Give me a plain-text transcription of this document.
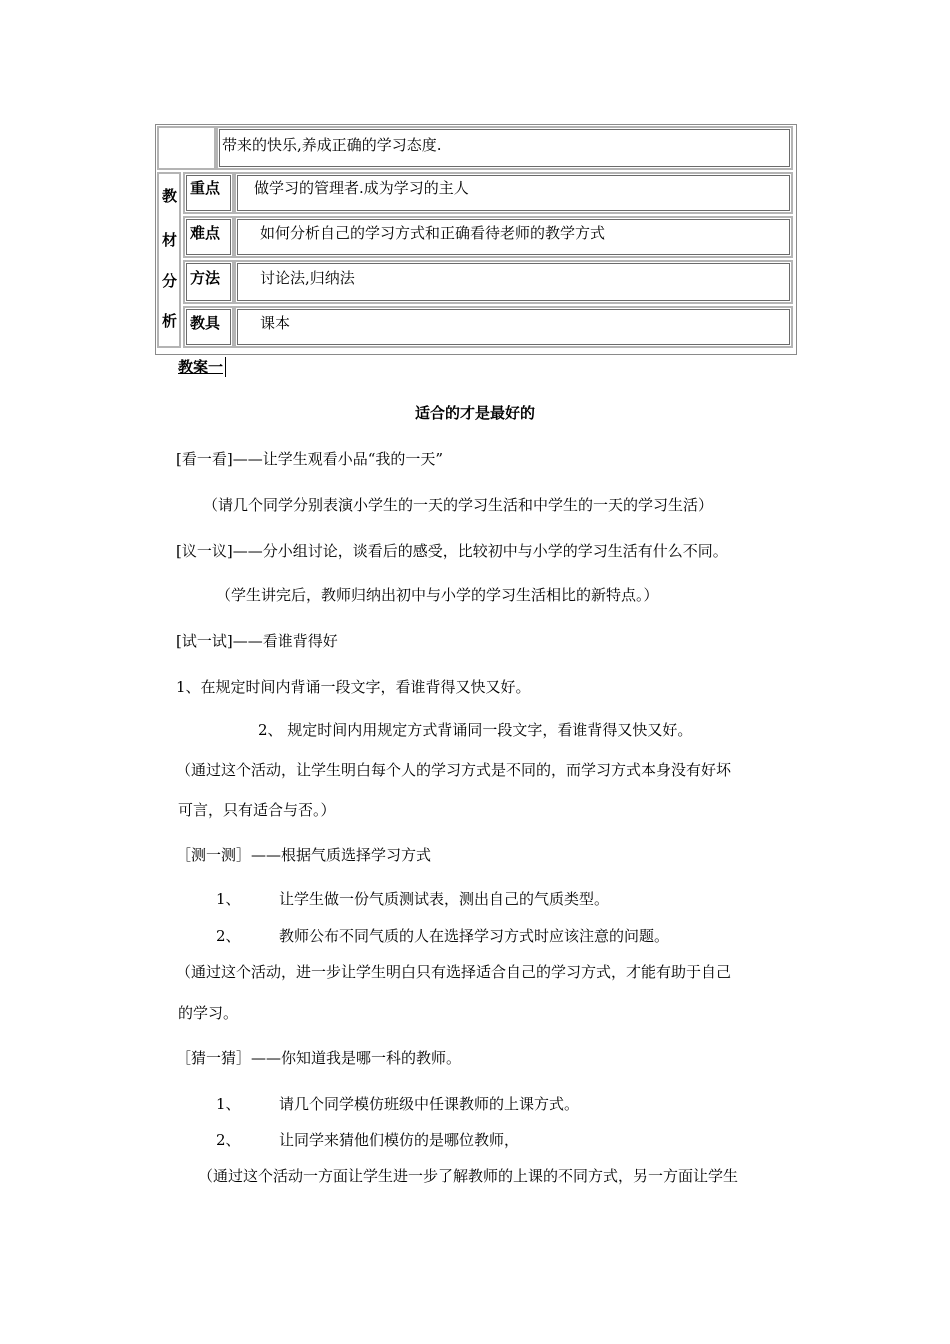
带来的快乐,养成正确的学习态度.
教
材
分
析
重点 做学习的管理者.成为学习的主人
难点	如何分析自己的学习方式和正确看待老师的教学方式
方法	讨论法,归纳法
教具	课本
教案一
适合的才是最好的
[看一看]——让学生观看小品“我的一天”
（请几个同学分别表演小学生的一天的学习生活和中学生的一天的学习生活）
[议一议]——分小组讨论，谈看后的感受，比较初中与小学的学习生活有什么不同。
（学生讲完后，教师归纳出初中与小学的学习生活相比的新特点。）
[试一试]——看谁背得好
1、在规定时间内背诵一段文字，看谁背得又快又好。
2、 规定时间内用规定方式背诵同一段文字，看谁背得又快又好。
（通过这个活动，让学生明白每个人的学习方式是不同的，而学习方式本身没有好坏
可言，只有适合与否。）
［测一测］——根据气质选择学习方式
1、	让学生做一份气质测试表，测出自己的气质类型。
2、	教师公布不同气质的人在选择学习方式时应该注意的问题。
（通过这个活动，进一步让学生明白只有选择适合自己的学习方式，才能有助于自己
的学习。
［猜一猜］——你知道我是哪一科的教师。
1、	请几个同学模仿班级中任课教师的上课方式。
2、	让同学来猜他们模仿的是哪位教师，
（通过这个活动一方面让学生进一步了解教师的上课的不同方式，另一方面让学生
